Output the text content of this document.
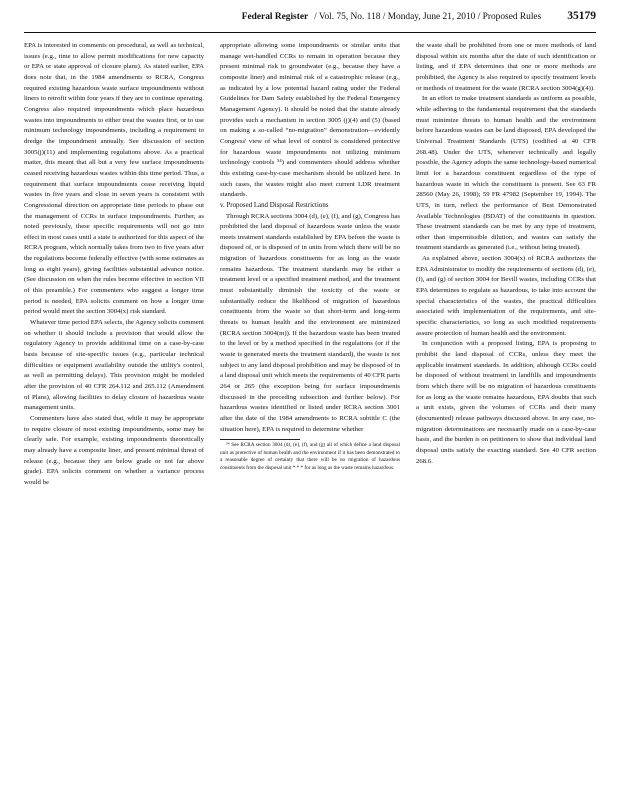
Federal Register / Vol. 75, No. 118 / Monday, June 21, 2010 / Proposed Rules 35179

EPA is interested in comments on procedural, as well as technical, issues (e.g., time to allow permit modifications for new capacity or EPA or state approval of closure plans). As stated earlier, EPA does note that, in the 1984 amendments to RCRA, Congress required existing hazardous waste surface impoundments without liners to retrofit within four years if they are to continue operating. Congress also required impoundments which place hazardous wastes into impoundments to either treat the wastes first, or to use minimum technology impoundments, including a requirement to dredge the impoundment annually. See discussion of section 3005(j)(11) and implementing regulations above. As a practical matter, this meant that all but a very few surface impoundments ceased receiving hazardous wastes within this time period. Thus, a requirement that surface impoundments cease receiving liquid wastes in five years and close in seven years is consistent with Congressional direction on appropriate time periods to phase out the management of CCRs in surface impoundments. Further, as noted previously, these specific requirements will not go into effect in most cases until a state is authorized for this aspect of the RCRA program, which normally takes from two to five years after the regulations become federally effective (with some estimates as long as eight years), giving facilities substantial advance notice. (See discussion on when the rules become effective in section VII of this preamble.) For commenters who suggest a longer time period is needed, EPA solicits comment on how a longer time period would meet the section 3004(x) risk standard.

Whatever time period EPA selects, the Agency solicits comment on whether it should include a provision that would allow the regulatory Agency to provide additional time on a case-by-case basis because of site-specific issues (e.g., particular technical difficulties or equipment availability outside the utility's control, as well as permitting delays). This provision might be modeled after the provision of 40 CFR 264.112 and 265.112 (Amendment of Plans), allowing facilities to delay closure of hazardous waste management units.

Commenters have also stated that, while it may be appropriate to require closure of most existing impoundments, some may be clearly safe. For example, existing impoundments theoretically may already have a composite liner, and present minimal threat of release (e.g., because they are below grade or not far above grade). EPA solicits comment on whether a variance process would be

appropriate allowing some impoundments or similar units that manage wet-handled CCRs to remain in operation because they present minimal risk to groundwater (e.g., because they have a composite liner) and minimal risk of a catastrophic release (e.g., as indicated by a low potential hazard rating under the Federal Guidelines for Dam Safety established by the Federal Emergency Management Agency). It should be noted that the statute already provides such a mechanism in section 3005 (j)(4) and (5) (based on making a so-called “no-migration” demonstration—evidently Congress' view of what level of control is considered protective for hazardous waste impoundments not utilizing minimum technology controls ⁵⁴) and commenters should address whether this existing case-by-case mechanism should be utilized here. In such cases, the wastes might also meet current LDR treatment standards.

v. Proposed Land Disposal Restrictions

Through RCRA sections 3004 (d), (e), (f), and (g), Congress has prohibited the land disposal of hazardous waste unless the waste meets treatment standards established by EPA before the waste is disposed of, or is disposed of in units from which there will be no migration of hazardous constituents for as long as the waste remains hazardous. The treatment standards may be either a treatment level or a specified treatment method, and the treatment must substantially diminish the toxicity of the waste or substantially reduce the likelihood of migration of hazardous constituents from the waste so that short-term and long-term threats to human health and the environment are minimized (RCRA section 3004(m)). If the hazardous waste has been treated to the level or by a method specified in the regulations (or if the waste is generated meets the treatment standard), the waste is not subject to any land disposal prohibition and may be disposed of in a land disposal unit which meets the requirements of 40 CFR parts 264 or 265 (the exception being for surface impoundments discussed in the preceding subsection and further below). For hazardous wastes identified or listed under RCRA section 3001 after the date of the 1984 amendments to RCRA subtitle C (the situation here), EPA is required to determine whether

⁵⁴ See RCRA section 3004 (d), (e), (f), and (g) all of which define a land disposal unit as protective of human health and the environment if it has been demonstrated to a reasonable degree of certainty that there will be no migration of hazardous constituents from the disposal unit * * * for as long as the waste remains hazardous.

the waste shall be prohibited from one or more methods of land disposal within six months after the date of such identification or listing, and if EPA determines that one or more methods are prohibited, the Agency is also required to specify treatment levels or methods of treatment for the waste (RCRA section 3004(g)(4)).

In an effort to make treatment standards as uniform as possible, while adhering to the fundamental requirement that the standards must minimize threats to human health and the environment before hazardous wastes can be land disposed, EPA developed the Universal Treatment Standards (UTS) (codified at 40 CFR 268.48). Under the UTS, whenever technically and legally possible, the Agency adopts the same technology-based numerical limit for a hazardous constituent regardless of the type of hazardous waste in which the constituent is present. See 63 FR 28560 (May 26, 1998); 59 FR 47982 (September 19, 1994). The UTS, in turn, reflect the performance of Best Demonstrated Available Technologies (BDAT) of the constituents in question. These treatment standards can be met by any type of treatment, other than impermissible dilution, and wastes can satisfy the treatment standards as generated (i.e., without being treated).

As explained above, section 3004(x) of RCRA authorizes the EPA Administrator to modify the requirements of sections (d), (e), (f), and (g) of section 3004 for Bevill wastes, including CCRs that EPA determines to regulate as hazardous, to take into account the special characteristics of the wastes, the practical difficulties associated with implementation of the requirements, and site-specific characteristics, so long as such modified requirements assure protection of human health and the environment.

In conjunction with a proposed listing, EPA is proposing to prohibit the land disposal of CCRs, unless they meet the applicable treatment standards. In addition, although CCRs could be disposed of without treatment in landfills and impoundments from which there will be no migration of hazardous constituents for as long as the waste remains hazardous, EPA doubts that such a unit exists, given the volumes of CCRs and their many (documented) release pathways discussed above. In any case, no-migration determinations are necessarily made on a case-by-case basis, and the burden is on petitioners to show that individual land disposal units satisfy the exacting standard. See 40 CFR section 268.6.
